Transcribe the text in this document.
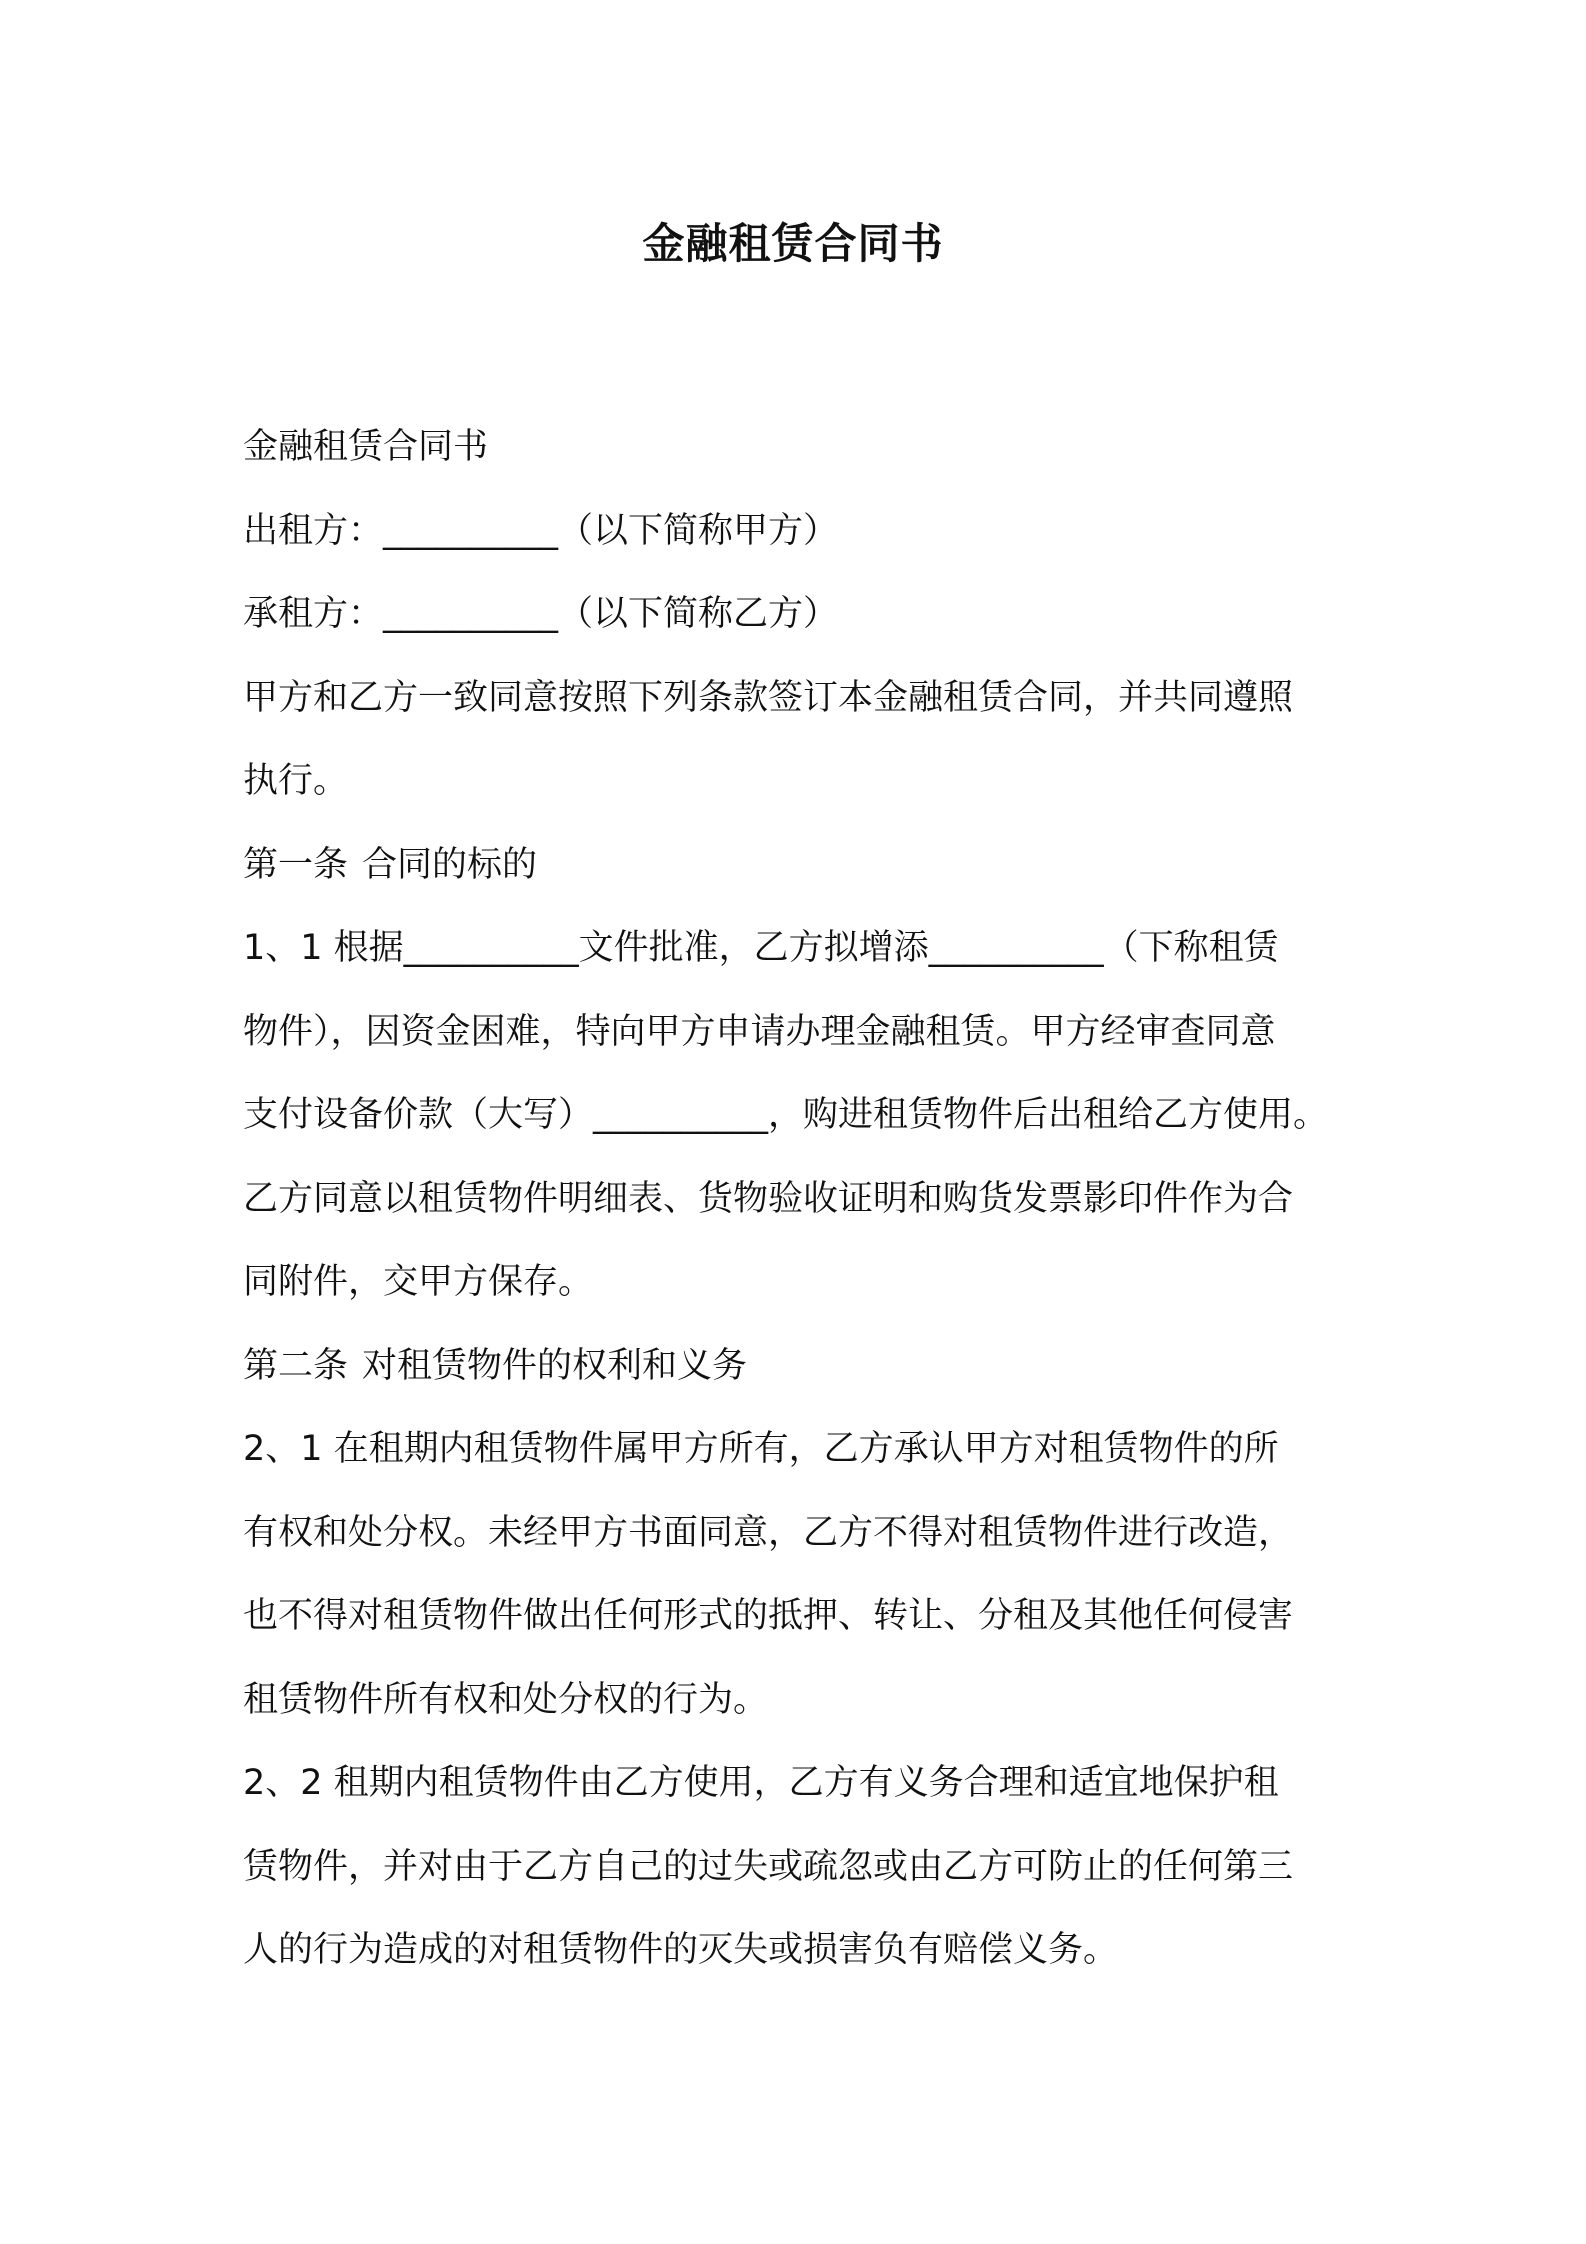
金融租赁合同书
金融租赁合同书
出租方：__________（以下简称甲方）
承租方：__________（以下简称乙方）
甲方和乙方一致同意按照下列条款签订本金融租赁合同，并共同遵照
执行。
第一条 合同的标的
1、1 根据__________文件批准，乙方拟增添__________（下称租赁
物件），因资金困难，特向甲方申请办理金融租赁。甲方经审查同意
支付设备价款（大写）__________，购进租赁物件后出租给乙方使用。
乙方同意以租赁物件明细表、货物验收证明和购货发票影印件作为合
同附件，交甲方保存。
第二条 对租赁物件的权利和义务
2、1 在租期内租赁物件属甲方所有，乙方承认甲方对租赁物件的所
有权和处分权。未经甲方书面同意，乙方不得对租赁物件进行改造，
也不得对租赁物件做出任何形式的抵押、转让、分租及其他任何侵害
租赁物件所有权和处分权的行为。
2、2 租期内租赁物件由乙方使用，乙方有义务合理和适宜地保护租
赁物件，并对由于乙方自己的过失或疏忽或由乙方可防止的任何第三
人的行为造成的对租赁物件的灭失或损害负有赔偿义务。
